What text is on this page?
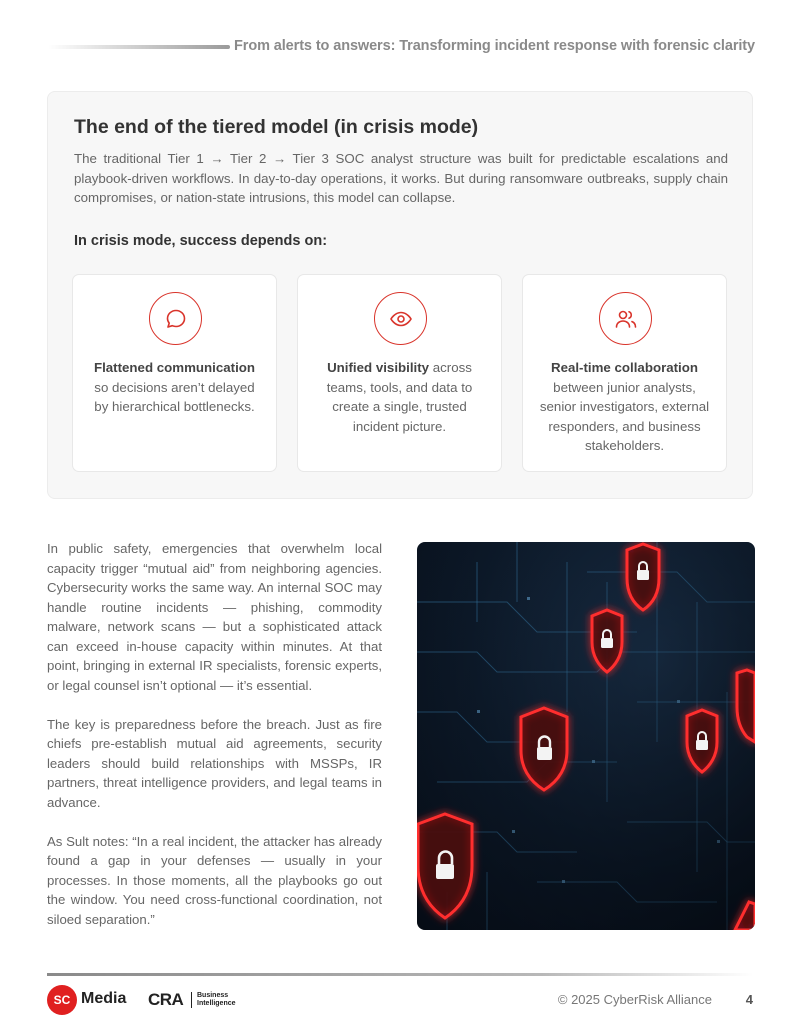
From alerts to answers: Transforming incident response with forensic clarity
The end of the tiered model (in crisis mode)
The traditional Tier 1 → Tier 2 → Tier 3 SOC analyst structure was built for predictable escalations and playbook-driven workflows. In day-to-day operations, it works. But during ransomware outbreaks, supply chain compromises, or nation-state intrusions, this model can collapse.
In crisis mode, success depends on:
Flattened communication so decisions aren’t delayed by hierarchical bottlenecks.
Unified visibility across teams, tools, and data to create a single, trusted incident picture.
Real-time collaboration between junior analysts, senior investigators, external responders, and business stakeholders.

In public safety, emergencies that overwhelm local capacity trigger “mutual aid” from neighboring agencies. Cybersecurity works the same way. An internal SOC may handle routine incidents — phishing, commodity malware, network scans — but a sophisticated attack can exceed in-house capacity within minutes. At that point, bringing in external IR specialists, forensic experts, or legal counsel isn’t optional — it’s essential.

The key is preparedness before the breach. Just as fire chiefs pre-establish mutual aid agreements, security leaders should build relationships with MSSPs, IR partners, threat intelligence providers, and legal teams in advance.

As Sult notes: “In a real incident, the attacker has already found a gap in your defenses — usually in your processes. In those moments, all the playbooks go out the window. You need cross-functional coordination, not siloed separation.”

SC Media CRA Business
Intelligence	© 2025 CyberRisk Alliance	4
